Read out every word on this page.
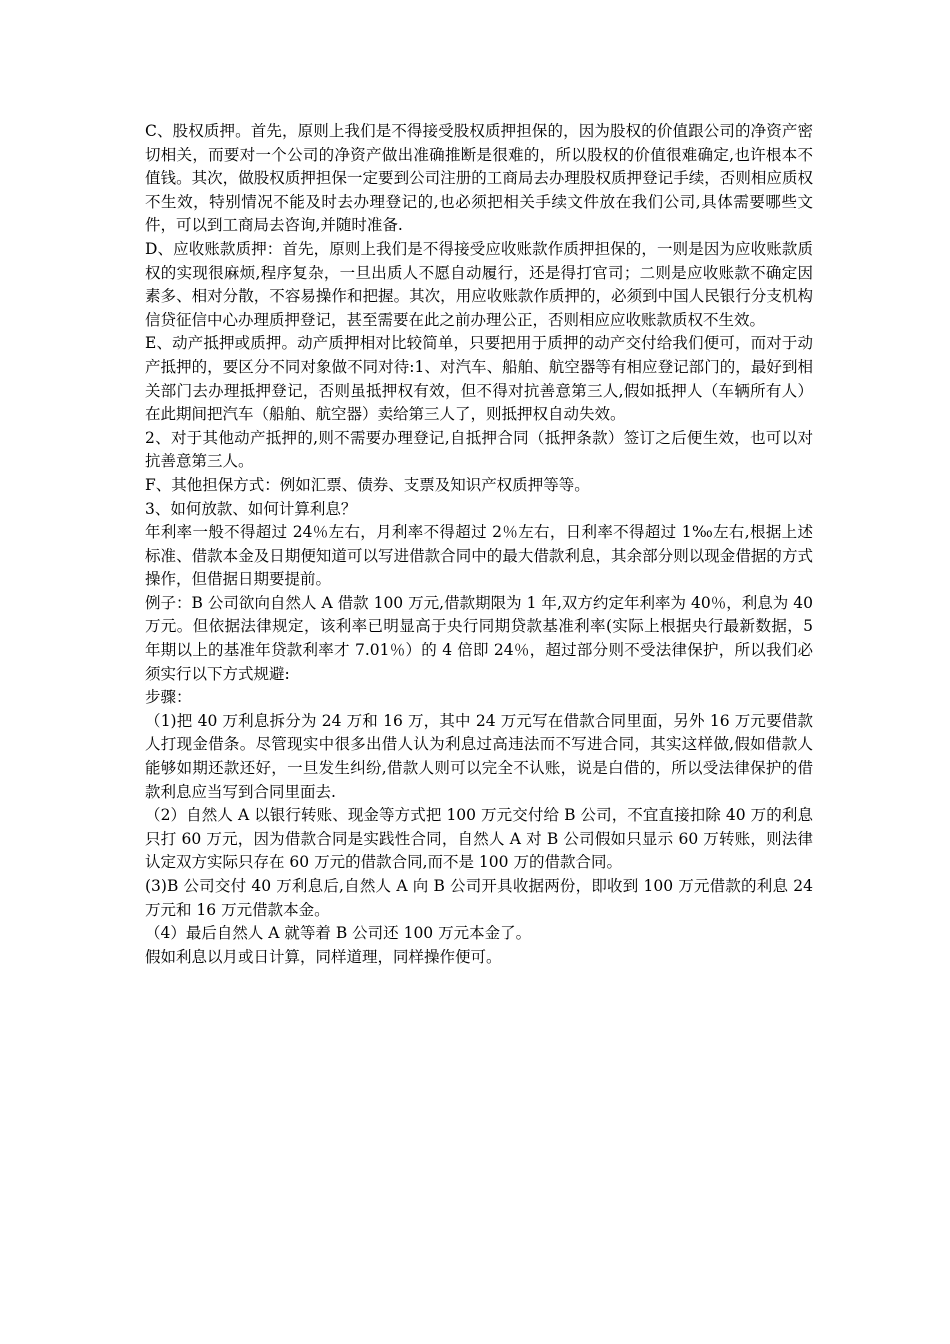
C、股权质押。首先，原则上我们是不得接受股权质押担保的，因为股权的价值跟公司的净资产密切相关，而要对一个公司的净资产做出准确推断是很难的，所以股权的价值很难确定,也许根本不值钱。其次，做股权质押担保一定要到公司注册的工商局去办理股权质押登记手续，否则相应质权不生效，特别情况不能及时去办理登记的,也必须把相关手续文件放在我们公司,具体需要哪些文件，可以到工商局去咨询,并随时准备.

D、应收账款质押：首先，原则上我们是不得接受应收账款作质押担保的，一则是因为应收账款质权的实现很麻烦,程序复杂，一旦出质人不愿自动履行，还是得打官司；二则是应收账款不确定因素多、相对分散，不容易操作和把握。其次，用应收账款作质押的，必须到中国人民银行分支机构信贷征信中心办理质押登记，甚至需要在此之前办理公正，否则相应应收账款质权不生效。

E、动产抵押或质押。动产质押相对比较简单，只要把用于质押的动产交付给我们便可，而对于动产抵押的，要区分不同对象做不同对待:1、对汽车、船舶、航空器等有相应登记部门的，最好到相关部门去办理抵押登记，否则虽抵押权有效，但不得对抗善意第三人,假如抵押人（车辆所有人）在此期间把汽车（船舶、航空器）卖给第三人了，则抵押权自动失效。

2、对于其他动产抵押的,则不需要办理登记,自抵押合同（抵押条款）签订之后便生效，也可以对抗善意第三人。

F、其他担保方式：例如汇票、债券、支票及知识产权质押等等。

3、如何放款、如何计算利息？

年利率一般不得超过 24％左右，月利率不得超过 2％左右，日利率不得超过 1‰左右,根据上述标准、借款本金及日期便知道可以写进借款合同中的最大借款利息，其余部分则以现金借据的方式操作，但借据日期要提前。

例子：B 公司欲向自然人 A 借款 100 万元,借款期限为 1 年,双方约定年利率为 40％，利息为 40 万元。但依据法律规定，该利率已明显高于央行同期贷款基准利率(实际上根据央行最新数据，5 年期以上的基准年贷款利率才 7.01％）的 4 倍即 24％，超过部分则不受法律保护，所以我们必须实行以下方式规避:

步骤：

（1)把 40 万利息拆分为 24 万和 16 万，其中 24 万元写在借款合同里面，另外 16 万元要借款人打现金借条。尽管现实中很多出借人认为利息过高违法而不写进合同，其实这样做,假如借款人能够如期还款还好，一旦发生纠纷,借款人则可以完全不认账，说是白借的，所以受法律保护的借款利息应当写到合同里面去.

（2）自然人 A 以银行转账、现金等方式把 100 万元交付给 B 公司，不宜直接扣除 40 万的利息只打 60 万元，因为借款合同是实践性合同，自然人 A 对 B 公司假如只显示 60 万转账，则法律认定双方实际只存在 60 万元的借款合同,而不是 100 万的借款合同。

(3)B 公司交付 40 万利息后,自然人 A 向 B 公司开具收据两份，即收到 100 万元借款的利息 24 万元和 16 万元借款本金。

（4）最后自然人 A 就等着 B 公司还 100 万元本金了。

假如利息以月或日计算，同样道理，同样操作便可。
